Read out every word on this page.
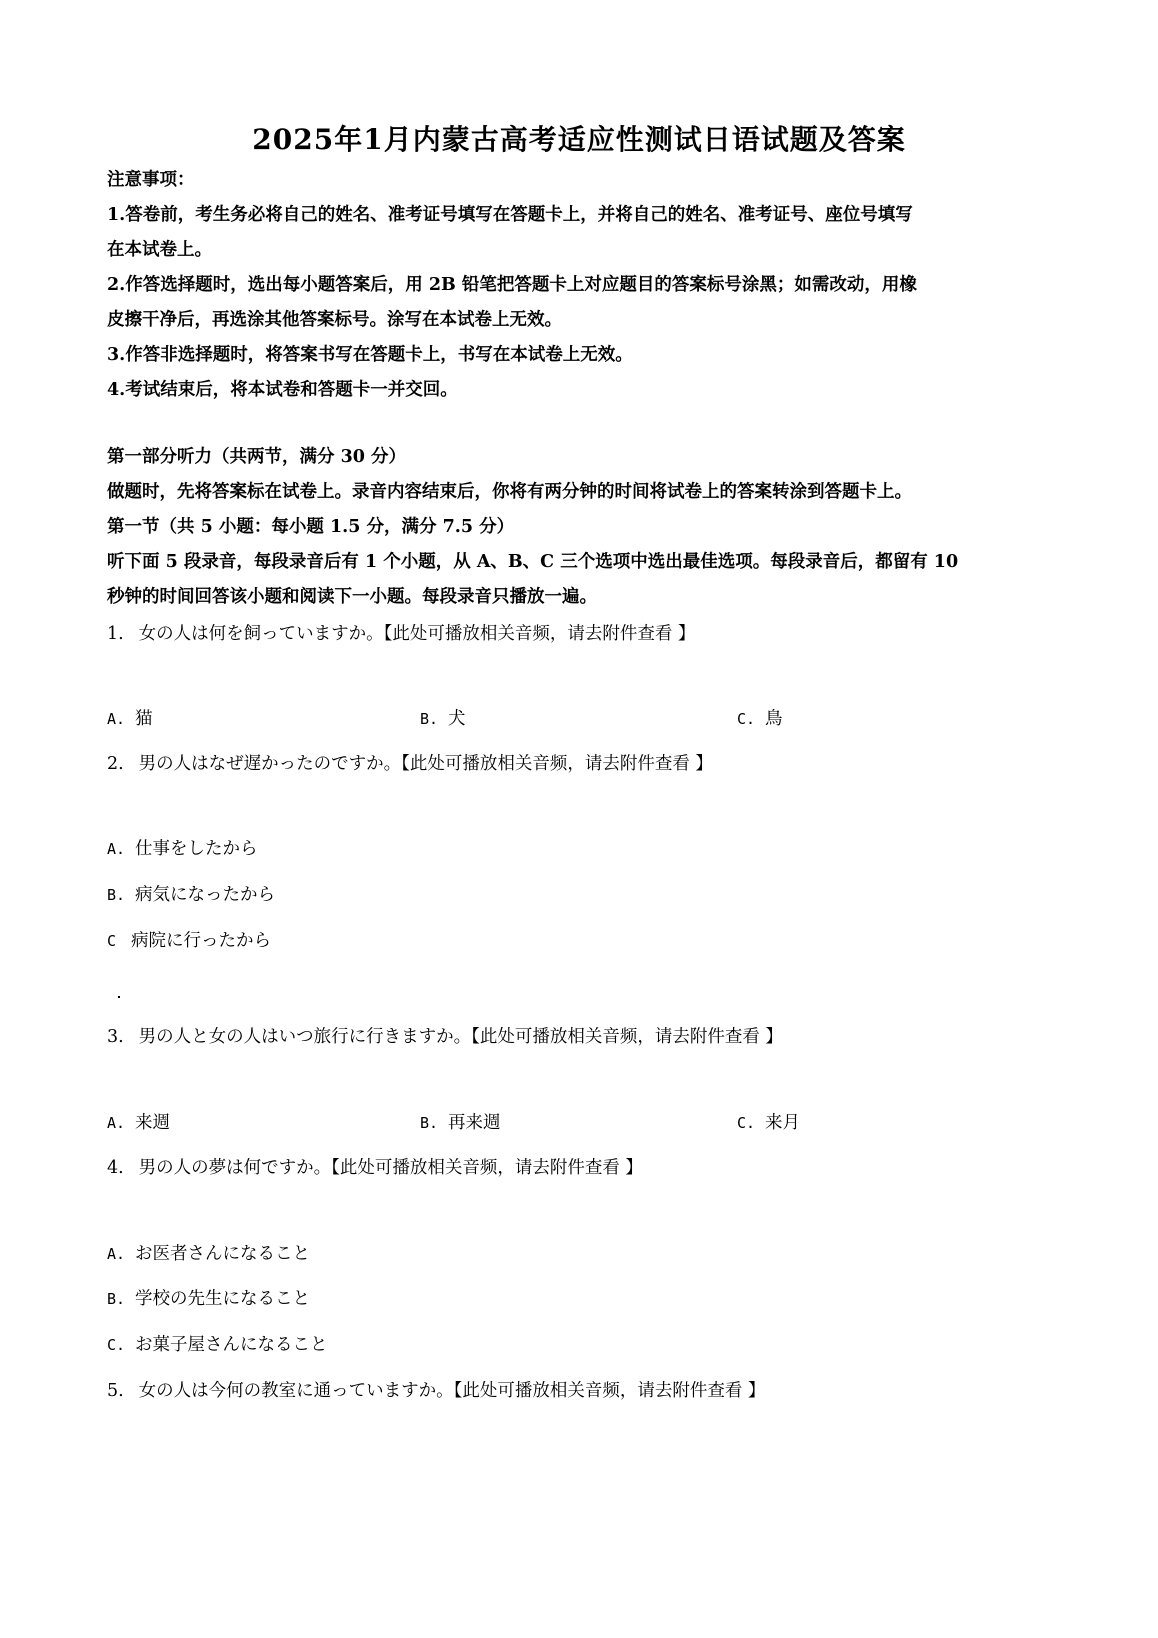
2025年1月内蒙古高考适应性测试日语试题及答案
注意事项：
1.答卷前，考生务必将自己的姓名、准考证号填写在答题卡上，并将自己的姓名、准考证号、座位号填写
在本试卷上。
2.作答选择题时，选出每小题答案后，用 2B 铅笔把答题卡上对应题目的答案标号涂黑；如需改动，用橡
皮擦干净后，再选涂其他答案标号。涂写在本试卷上无效。
3.作答非选择题时，将答案书写在答题卡上，书写在本试卷上无效。
4.考试结束后，将本试卷和答题卡一并交回。
第一部分听力（共两节，满分 30 分）
做题时，先将答案标在试卷上。录音内容结束后，你将有两分钟的时间将试卷上的答案转涂到答题卡上。
第一节（共 5 小题：每小题 1.5 分，满分 7.5 分）
听下面 5 段录音，每段录音后有 1 个小题，从 A、B、C 三个选项中选出最佳选项。每段录音后，都留有 10
秒钟的时间回答该小题和阅读下一小题。每段录音只播放一遍。
1. 女の人は何を飼っていますか。【此处可播放相关音频，请去附件查看 】
A. 猫	B. 犬	C. 鳥
2. 男の人はなぜ遅かったのですか。【此处可播放相关音频，请去附件查看 】
A. 仕事をしたから
B. 病気になったから
C 病院に行ったから
3. 男の人と女の人はいつ旅行に行きますか。【此处可播放相关音频，请去附件查看 】
A. 来週	B. 再来週	C. 来月
4. 男の人の夢は何ですか。【此处可播放相关音频，请去附件查看 】
A. お医者さんになること
B. 学校の先生になること
C. お菓子屋さんになること
5. 女の人は今何の教室に通っていますか。【此处可播放相关音频，请去附件查看 】
